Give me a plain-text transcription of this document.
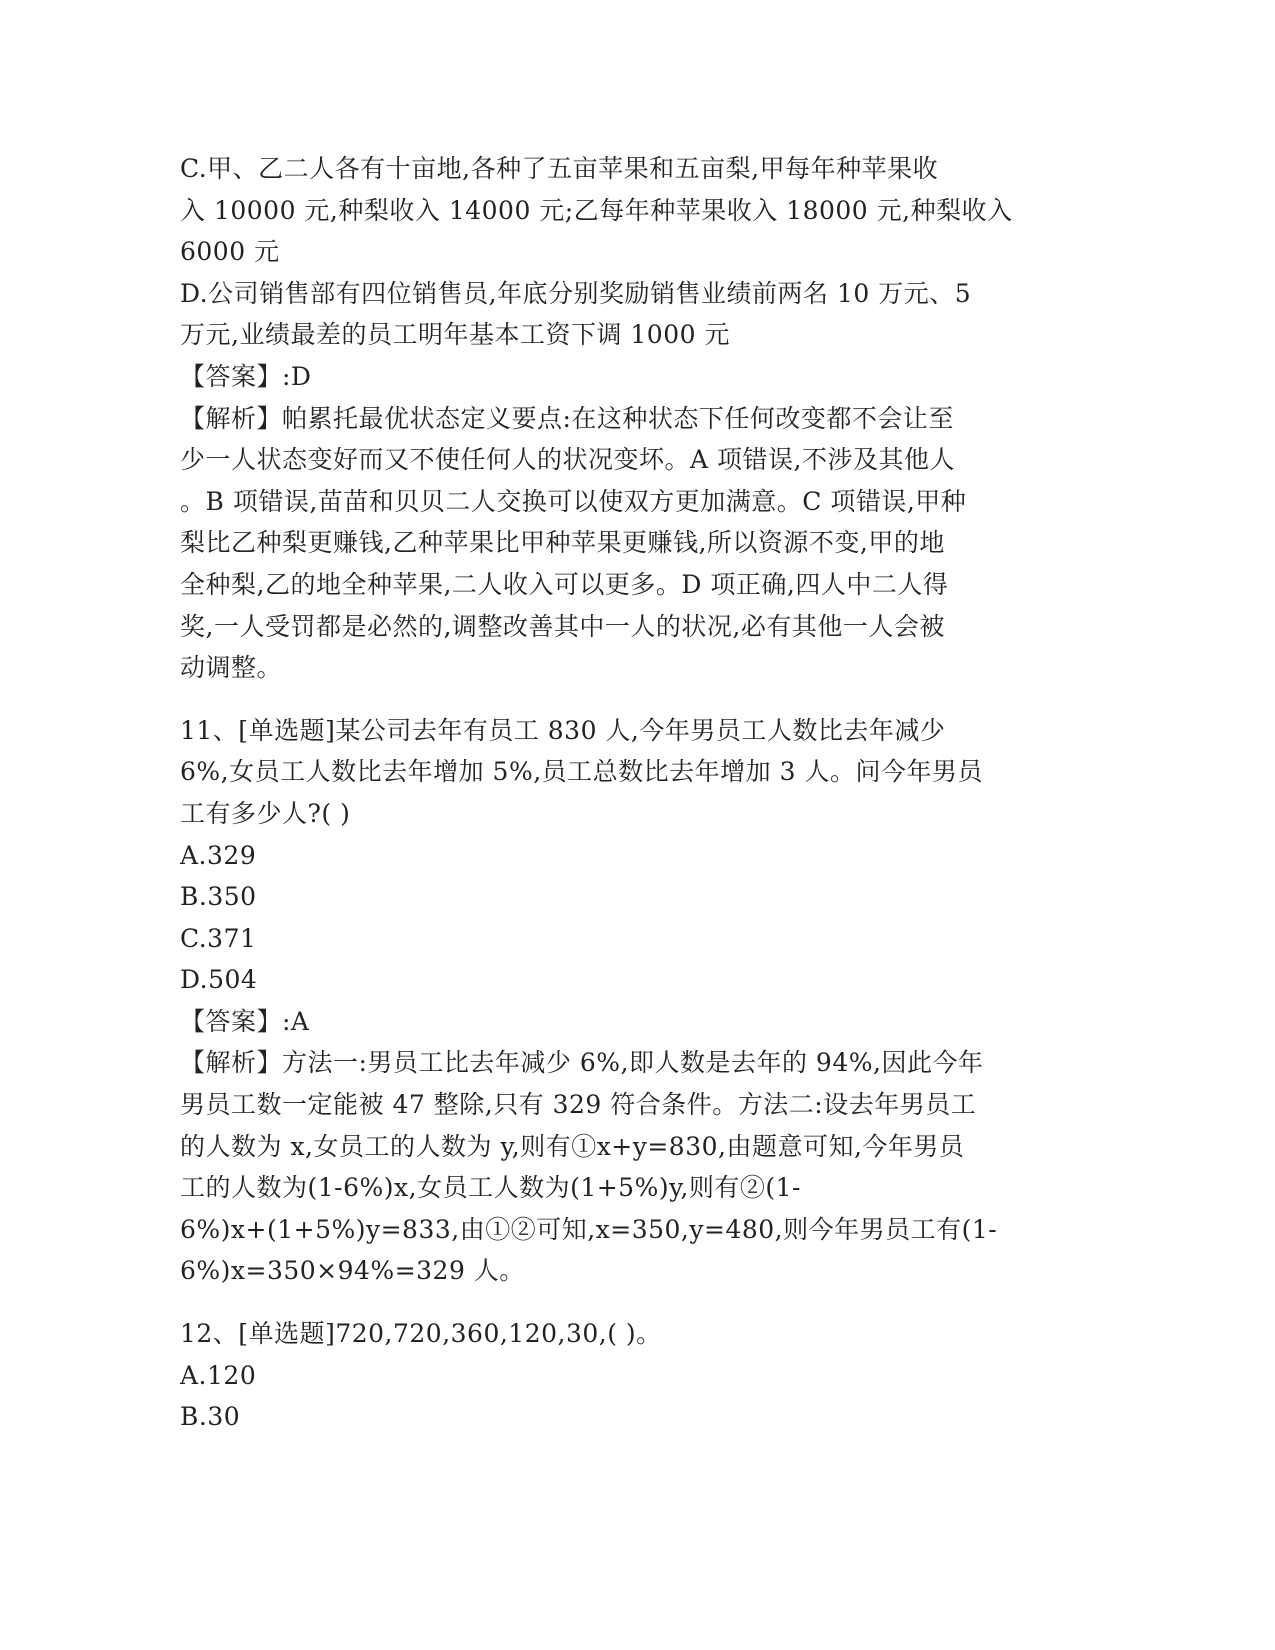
C.甲、乙二人各有十亩地,各种了五亩苹果和五亩梨,甲每年种苹果收
入 10000 元,种梨收入 14000 元;乙每年种苹果收入 18000 元,种梨收入
6000 元
D.公司销售部有四位销售员,年底分别奖励销售业绩前两名 10 万元、5
万元,业绩最差的员工明年基本工资下调 1000 元
【答案】:D
【解析】帕累托最优状态定义要点:在这种状态下任何改变都不会让至
少一人状态变好而又不使任何人的状况变坏。A 项错误,不涉及其他人
。B 项错误,苗苗和贝贝二人交换可以使双方更加满意。C 项错误,甲种
梨比乙种梨更赚钱,乙种苹果比甲种苹果更赚钱,所以资源不变,甲的地
全种梨,乙的地全种苹果,二人收入可以更多。D 项正确,四人中二人得
奖,一人受罚都是必然的,调整改善其中一人的状况,必有其他一人会被
动调整。
11、[单选题]某公司去年有员工 830 人,今年男员工人数比去年减少
6%,女员工人数比去年增加 5%,员工总数比去年增加 3 人。问今年男员
工有多少人?( )
A.329
B.350
C.371
D.504
【答案】:A
【解析】方法一:男员工比去年减少 6%,即人数是去年的 94%,因此今年
男员工数一定能被 47 整除,只有 329 符合条件。方法二:设去年男员工
的人数为 x,女员工的人数为 y,则有①x+y=830,由题意可知,今年男员
工的人数为(1-6%)x,女员工人数为(1+5%)y,则有②(1-
6%)x+(1+5%)y=833,由①②可知,x=350,y=480,则今年男员工有(1-
6%)x=350×94%=329 人。
12、[单选题]720,720,360,120,30,( )。
A.120
B.30
